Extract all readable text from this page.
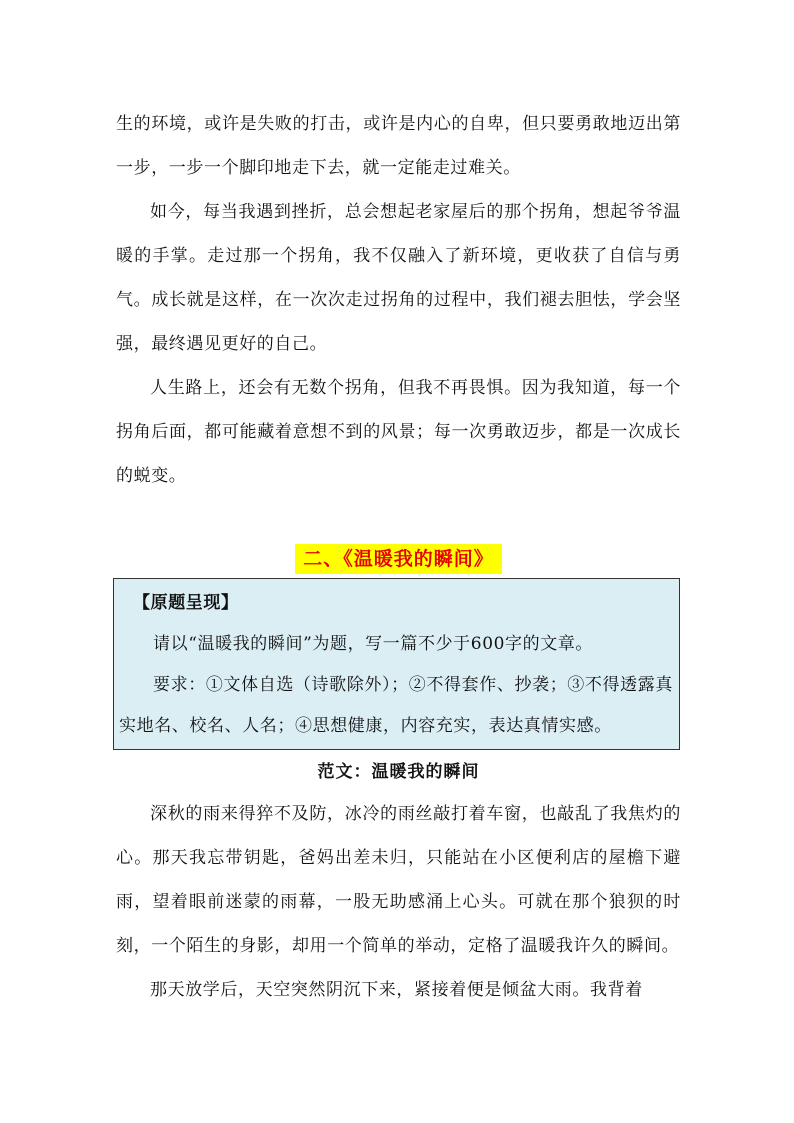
生的环境，或许是失败的打击，或许是内心的自卑，但只要勇敢地迈出第一步，一步一个脚印地走下去，就一定能走过难关。

如今，每当我遇到挫折，总会想起老家屋后的那个拐角，想起爷爷温暖的手掌。走过那一个拐角，我不仅融入了新环境，更收获了自信与勇气。成长就是这样，在一次次走过拐角的过程中，我们褪去胆怯，学会坚强，最终遇见更好的自己。

人生路上，还会有无数个拐角，但我不再畏惧。因为我知道，每一个拐角后面，都可能藏着意想不到的风景；每一次勇敢迈步，都是一次成长的蜕变。

二、《温暖我的瞬间》

【原题呈现】

请以“温暖我的瞬间”为题，写一篇不少于600字的文章。

要求：①文体自选（诗歌除外）；②不得套作、抄袭；③不得透露真实地名、校名、人名；④思想健康，内容充实，表达真情实感。

范文：温暖我的瞬间

深秋的雨来得猝不及防，冰冷的雨丝敲打着车窗，也敲乱了我焦灼的心。那天我忘带钥匙，爸妈出差未归，只能站在小区便利店的屋檐下避雨，望着眼前迷蒙的雨幕，一股无助感涌上心头。可就在那个狼狈的时刻，一个陌生的身影，却用一个简单的举动，定格了温暖我许久的瞬间。

那天放学后，天空突然阴沉下来，紧接着便是倾盆大雨。我背着
